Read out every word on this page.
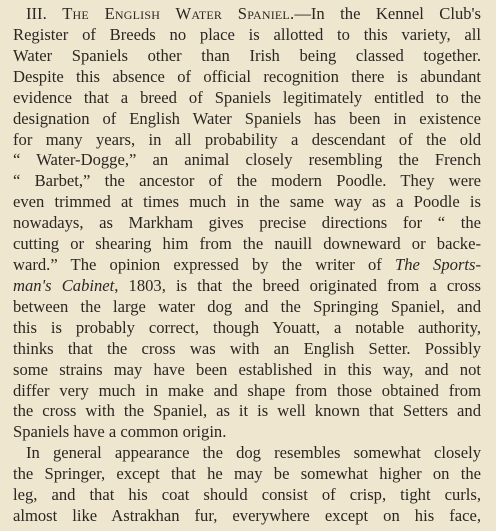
III. The English Water Spaniel.—In the Kennel Club's
Register of Breeds no place is allotted to this variety, all
Water Spaniels other than Irish being classed together.
Despite this absence of official recognition there is abundant
evidence that a breed of Spaniels legitimately entitled to the
designation of English Water Spaniels has been in existence
for many years, in all probability a descendant of the old
“ Water-Dogge,” an animal closely resembling the French
“ Barbet,” the ancestor of the modern Poodle. They were
even trimmed at times much in the same way as a Poodle is
nowadays, as Markham gives precise directions for “ the
cutting or shearing him from the nauill downeward or backe-
ward.” The opinion expressed by the writer of The Sports-
man's Cabinet, 1803, is that the breed originated from a cross
between the large water dog and the Springing Spaniel, and
this is probably correct, though Youatt, a notable authority,
thinks that the cross was with an English Setter. Possibly
some strains may have been established in this way, and not
differ very much in make and shape from those obtained from
the cross with the Spaniel, as it is well known that Setters and
Spaniels have a common origin.
In general appearance the dog resembles somewhat closely
the Springer, except that he may be somewhat higher on the
leg, and that his coat should consist of crisp, tight curls,
almost like Astrakhan fur, everywhere except on his face,
